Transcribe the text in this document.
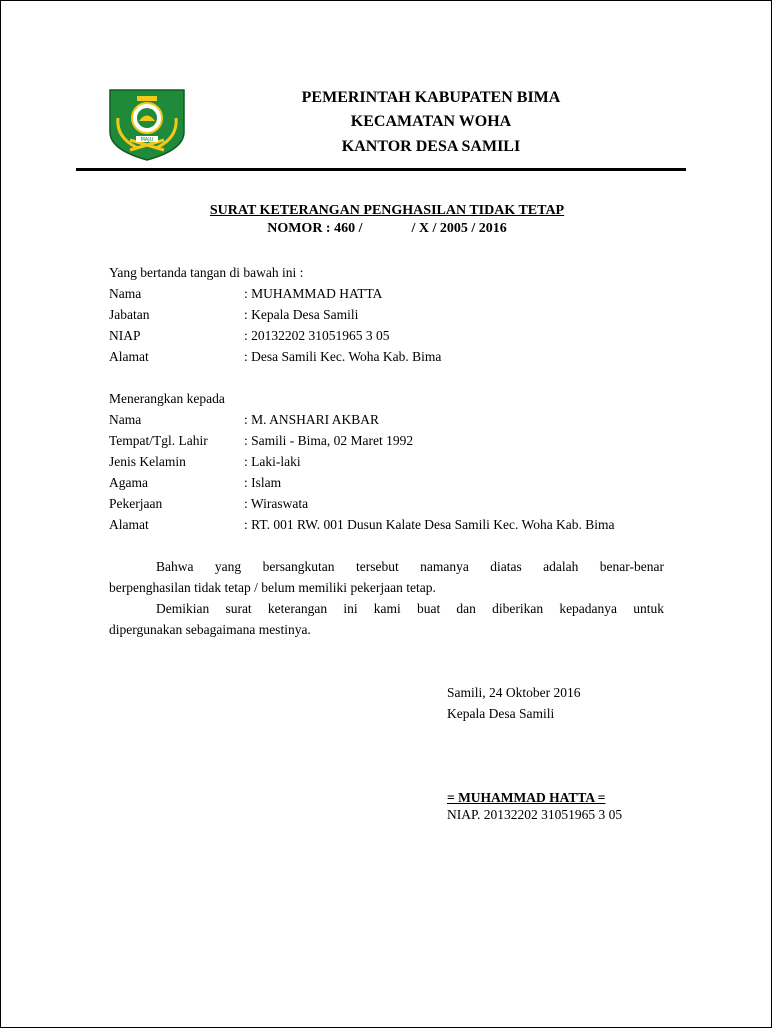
MAJU
PEMERINTAH KABUPATEN BIMA
KECAMATAN WOHA
KANTOR DESA SAMILI
SURAT KETERANGAN PENGHASILAN TIDAK TETAP
NOMOR : 460 /              / X / 2005 / 2016
Yang bertanda tangan di bawah ini :
Nama	: MUHAMMAD HATTA
Jabatan	: Kepala Desa Samili
NIAP	: 20132202 31051965 3 05
Alamat	: Desa Samili Kec. Woha Kab. Bima
Menerangkan kepada
Nama	: M. ANSHARI AKBAR
Tempat/Tgl. Lahir	: Samili - Bima, 02 Maret 1992
Jenis Kelamin	: Laki-laki
Agama	: Islam
Pekerjaan	: Wiraswata
Alamat	: RT. 001 RW. 001 Dusun Kalate Desa Samili Kec. Woha Kab. Bima
Bahwa yang bersangkutan tersebut namanya diatas adalah benar-benar
berpenghasilan tidak tetap / belum memiliki pekerjaan tetap.
Demikian surat keterangan ini kami buat dan diberikan kepadanya untuk
dipergunakan sebagaimana mestinya.
Samili, 24 Oktober 2016
Kepala Desa Samili
= MUHAMMAD HATTA =
NIAP. 20132202 31051965 3 05
